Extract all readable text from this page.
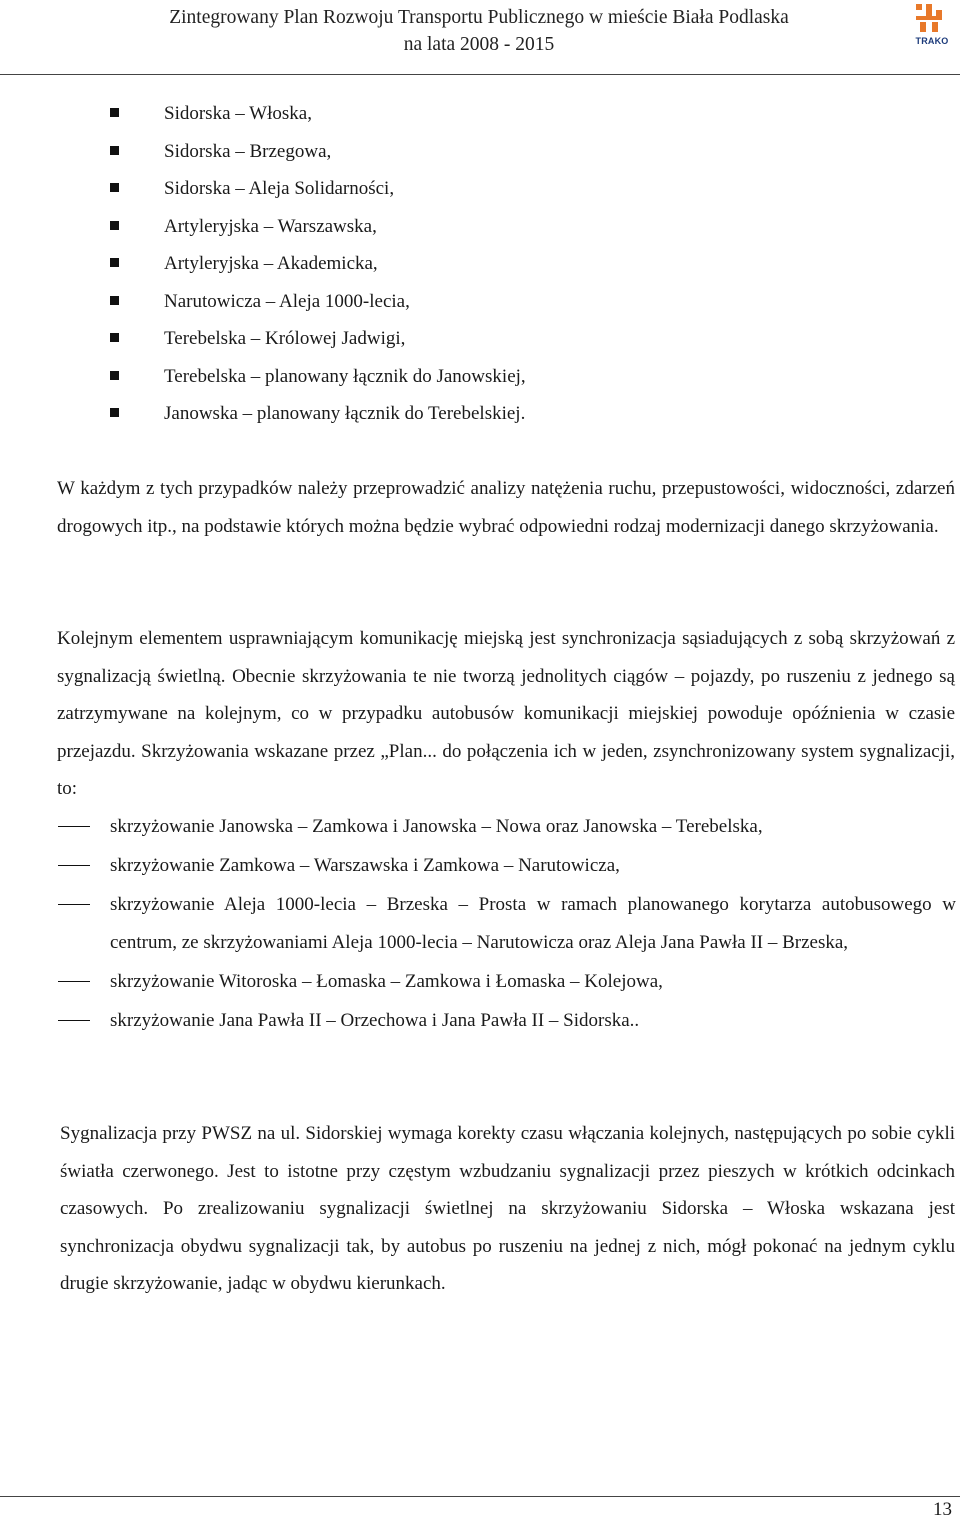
Zintegrowany Plan Rozwoju Transportu Publicznego w mieście Biała Podlaska
na lata 2008 - 2015	TRAKO
Sidorska – Włoska,
Sidorska – Brzegowa,
Sidorska – Aleja Solidarności,
Artyleryjska – Warszawska,
Artyleryjska – Akademicka,
Narutowicza – Aleja 1000-lecia,
Terebelska – Królowej Jadwigi,
Terebelska – planowany łącznik do Janowskiej,
Janowska – planowany łącznik do Terebelskiej.

W każdym z tych przypadków należy przeprowadzić analizy natężenia ruchu, przepustowości, widoczności, zdarzeń drogowych itp., na podstawie których można będzie wybrać odpowiedni rodzaj modernizacji danego skrzyżowania.

Kolejnym elementem usprawniającym komunikację miejską jest synchronizacja sąsiadujących z sobą skrzyżowań z sygnalizacją świetlną. Obecnie skrzyżowania te nie tworzą jednolitych ciągów – pojazdy, po ruszeniu z jednego są zatrzymywane na kolejnym, co w przypadku autobusów komunikacji miejskiej powoduje opóźnienia w czasie przejazdu. Skrzyżowania wskazane przez „Plan... do połączenia ich w jeden, zsynchronizowany system sygnalizacji, to:

skrzyżowanie Janowska – Zamkowa i Janowska – Nowa oraz Janowska – Terebelska,
skrzyżowanie Zamkowa – Warszawska i Zamkowa – Narutowicza,
skrzyżowanie Aleja 1000-lecia – Brzeska – Prosta w ramach planowanego korytarza autobusowego w centrum, ze skrzyżowaniami Aleja 1000-lecia – Narutowicza oraz Aleja Jana Pawła II – Brzeska,
skrzyżowanie Witoroska – Łomaska – Zamkowa i Łomaska – Kolejowa,
skrzyżowanie Jana Pawła II – Orzechowa i Jana Pawła II – Sidorska..

Sygnalizacja przy PWSZ na ul. Sidorskiej wymaga korekty czasu włączania kolejnych, następujących po sobie cykli światła czerwonego. Jest to istotne przy częstym wzbudzaniu sygnalizacji przez pieszych w krótkich odcinkach czasowych. Po zrealizowaniu sygnalizacji świetlnej na skrzyżowaniu Sidorska – Włoska wskazana jest synchronizacja obydwu sygnalizacji tak, by autobus po ruszeniu na jednej z nich, mógł pokonać na jednym cyklu drugie skrzyżowanie, jadąc w obydwu kierunkach.

13
